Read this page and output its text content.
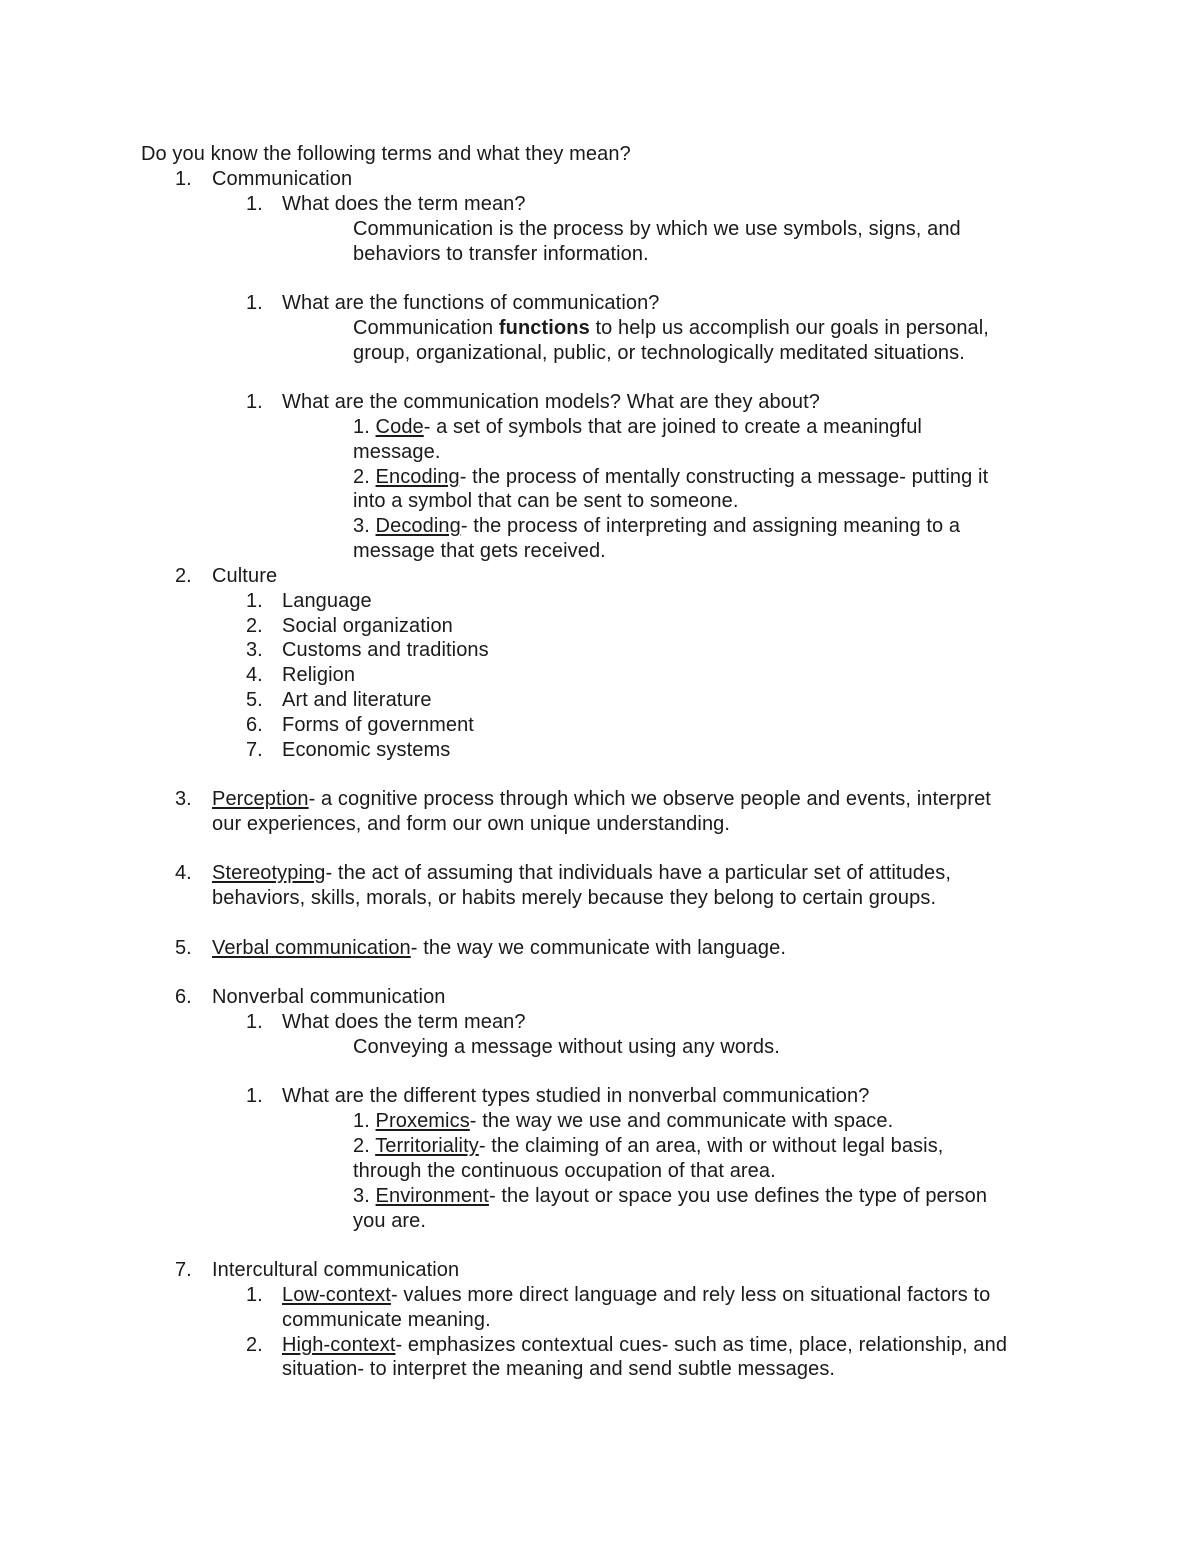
Do you know the following terms and what they mean?
1. Communication
1. What does the term mean?
Communication is the process by which we use symbols, signs, and
behaviors to transfer information.
1. What are the functions of communication?
Communication functions to help us accomplish our goals in personal,
group, organizational, public, or technologically meditated situations.
1. What are the communication models? What are they about?
1. Code- a set of symbols that are joined to create a meaningful
message.
2. Encoding- the process of mentally constructing a message- putting it
into a symbol that can be sent to someone.
3. Decoding- the process of interpreting and assigning meaning to a
message that gets received.
2. Culture
1. Language
2. Social organization
3. Customs and traditions
4. Religion
5. Art and literature
6. Forms of government
7. Economic systems
3. Perception- a cognitive process through which we observe people and events, interpret
our experiences, and form our own unique understanding.
4. Stereotyping- the act of assuming that individuals have a particular set of attitudes,
behaviors, skills, morals, or habits merely because they belong to certain groups.
5. Verbal communication- the way we communicate with language.
6. Nonverbal communication
1. What does the term mean?
Conveying a message without using any words.
1. What are the different types studied in nonverbal communication?
1. Proxemics- the way we use and communicate with space.
2. Territoriality- the claiming of an area, with or without legal basis,
through the continuous occupation of that area.
3. Environment- the layout or space you use defines the type of person
you are.
7. Intercultural communication
1. Low-context- values more direct language and rely less on situational factors to
communicate meaning.
2. High-context- emphasizes contextual cues- such as time, place, relationship, and
situation- to interpret the meaning and send subtle messages.
